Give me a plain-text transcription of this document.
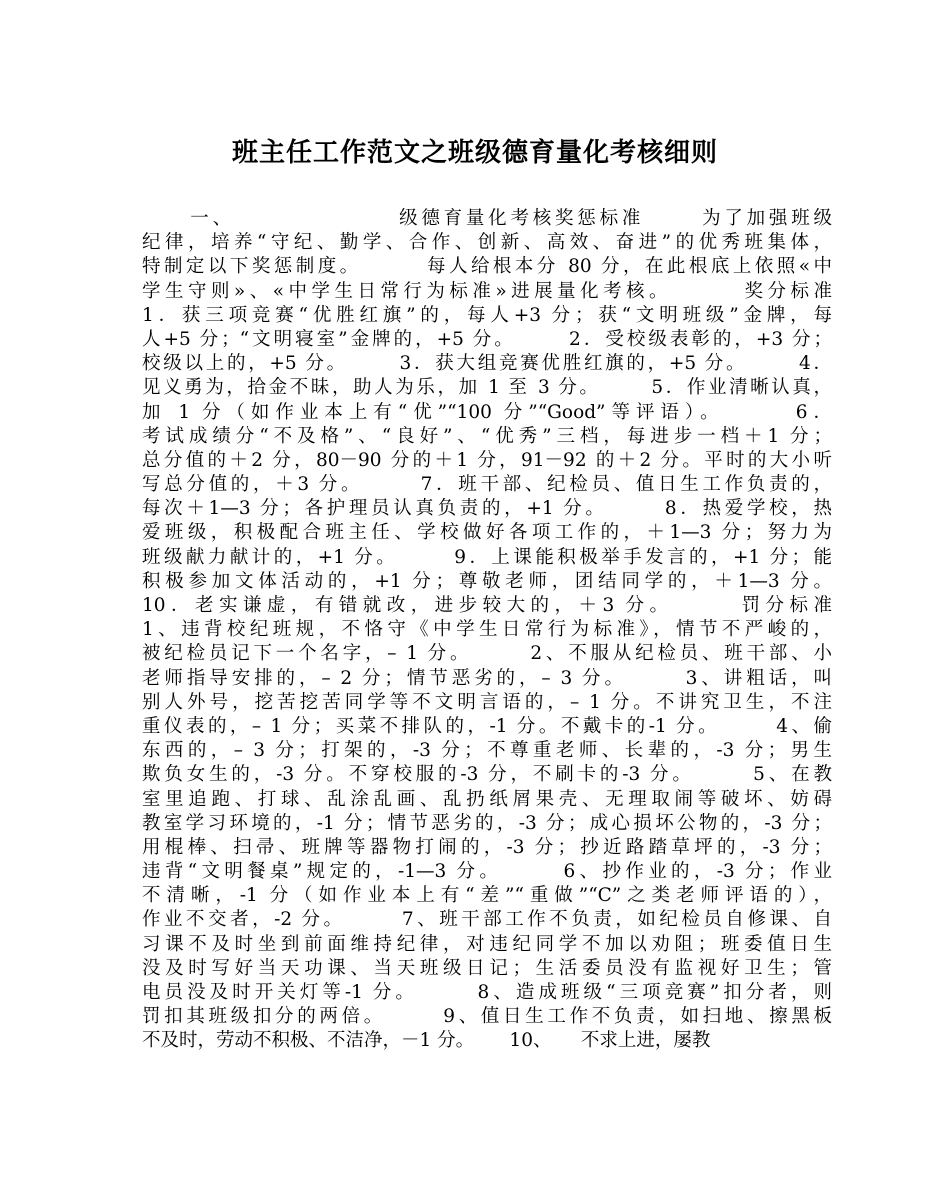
班主任工作范文之班级德育量化考核细则
一、                 级德育量化考核奖惩标准      为了加强班级
纪律，培养“守纪、勤学、合作、创新、高效、奋进”的优秀班集体，
特制定以下奖惩制度。       每人给根本分 80 分，在此根底上依照«中
学生守则»、«中学生日常行为标准»进展量化考核。       奖分标准
1．获三项竞赛“优胜红旗”的，每人+3 分；获“文明班级”金牌，每
人+5 分；“文明寝室”金牌的，+5 分。      2．受校级表彰的，+3 分；
校级以上的，+5 分。      3．获大组竞赛优胜红旗的，+5 分。      4．
见义勇为，拾金不昧，助人为乐，加 1 至 3 分。      5．作业清晰认真，
加 1 分（如作业本上有“优”“100 分”“Good”等评语）。      6．
考试成绩分“不及格”、“良好”、“优秀”三档，每进步一档＋1 分；
总分值的＋2 分，80－90 分的＋1 分，91－92 的＋2 分。平时的大小听
写总分值的，＋3 分。      7．班干部、纪检员、值日生工作负责的，
每次＋1—3 分；各护理员认真负责的，+1 分。      8．热爱学校，热
爱班级，积极配合班主任、学校做好各项工作的，＋1—3 分；努力为
班级献力献计的，+1 分。      9．上课能积极举手发言的，+1 分；能
积极参加文体活动的，+1 分；尊敬老师，团结同学的，＋1—3 分。
10．老实谦虚，有错就改，进步较大的，＋3 分。      罚分标准
1、违背校纪班规，不恪守《中学生日常行为标准》，情节不严峻的，
被纪检员记下一个名字，– 1 分。      2、不服从纪检员、班干部、小
老师指导安排的，– 2 分；情节恶劣的，– 3 分。      3、讲粗话，叫
别人外号，挖苦挖苦同学等不文明言语的，– 1 分。不讲究卫生，不注
重仪表的，– 1 分；买菜不排队的，-1 分。不戴卡的-1 分。      4、偷
东西的，– 3 分；打架的，-3 分；不尊重老师、长辈的，-3 分；男生
欺负女生的，-3 分。不穿校服的-3 分，不刷卡的-3 分。      5、在教
室里追跑、打球、乱涂乱画、乱扔纸屑果壳、无理取闹等破坏、妨碍
教室学习环境的，-1 分；情节恶劣的，-3 分；成心损坏公物的，-3 分；
用棍棒、扫帚、班牌等器物打闹的，-3 分；抄近路踏草坪的，-3 分；
违背“文明餐桌”规定的，-1—3 分。      6、抄作业的，-3 分；作业
不清晰，-1 分（如作业本上有“差”“重做”“C”之类老师评语的），
作业不交者，-2 分。      7、班干部工作不负责，如纪检员自修课、自
习课不及时坐到前面维持纪律，对违纪同学不加以劝阻；班委值日生
没及时写好当天功课、当天班级日记；生活委员没有监视好卫生；管
电员没及时开关灯等-1 分。      8、造成班级“三项竞赛”扣分者，则
罚扣其班级扣分的两倍。      9、值日生工作不负责，如扫地、擦黑板
不及时，劳动不积极、不洁净，－1 分。      10、     不求上进，屡教
